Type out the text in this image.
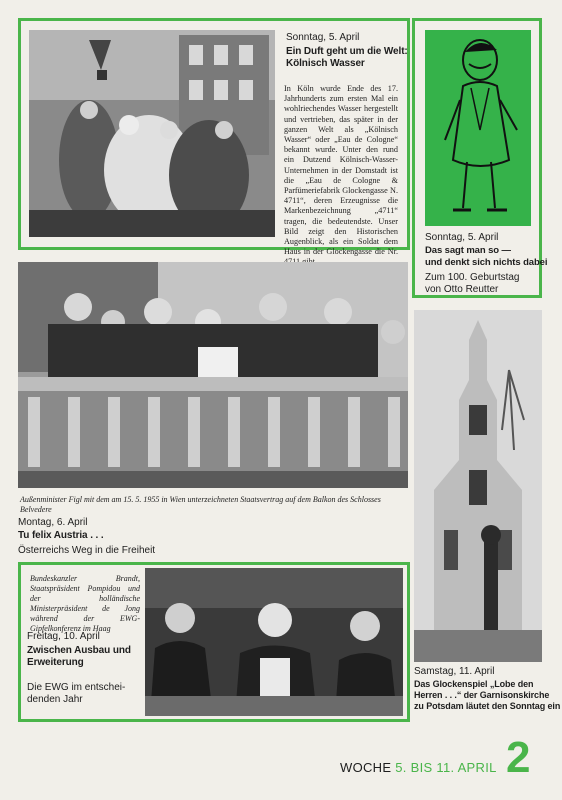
Sonntag, 5. April
Ein Duft geht um die Welt:
Kölnisch Wasser
In Köln wurde Ende des 17. Jahrhunderts zum ersten Mal ein wohlriechendes Wasser hergestellt und vertrieben, das später in der ganzen Welt als „Kölnisch Wasser“ oder „Eau de Cologne“ bekannt wurde. Unter den rund ein Dutzend Kölnisch-Wasser-Unternehmen in der Domstadt ist die „Eau de Cologne & Parfümeriefabrik Glockengasse N. 4711“, deren Erzeugnisse die Markenbezeichnung „4711“ tragen, die bedeutendste. Unser Bild zeigt den Historischen Augenblick, als ein Soldat dem Haus in der Glockengasse die Nr.
Sonntag, 5. April
Das sagt man so —
und denkt sich nichts dabei
Zum 100. Geburtstag
von Otto Reutter
Außenminister Figl mit dem am 15. 5. 1955 in Wien unterzeichneten Staatsvertrag auf dem Balkon des Schlosses Belvedere
Montag, 6. April
Tu felix Austria . . .
Österreichs Weg in die Freiheit
Bundeskanzler Brandt, Staatspräsident Pompidou und der holländische Ministerpräsident de Jong während der EWG-Gipfelkonferenz im Haag
Freitag, 10. April
Zwischen Ausbau und
Erweiterung
Die EWG im entschei-
denden Jahr
Samstag, 11. April
Das Glockenspiel „Lobe den
Herren . . .“ der Garnisonskirche
zu Potsdam läutet den Sonntag ein
WOCHE 5. BIS 11. APRIL 2
